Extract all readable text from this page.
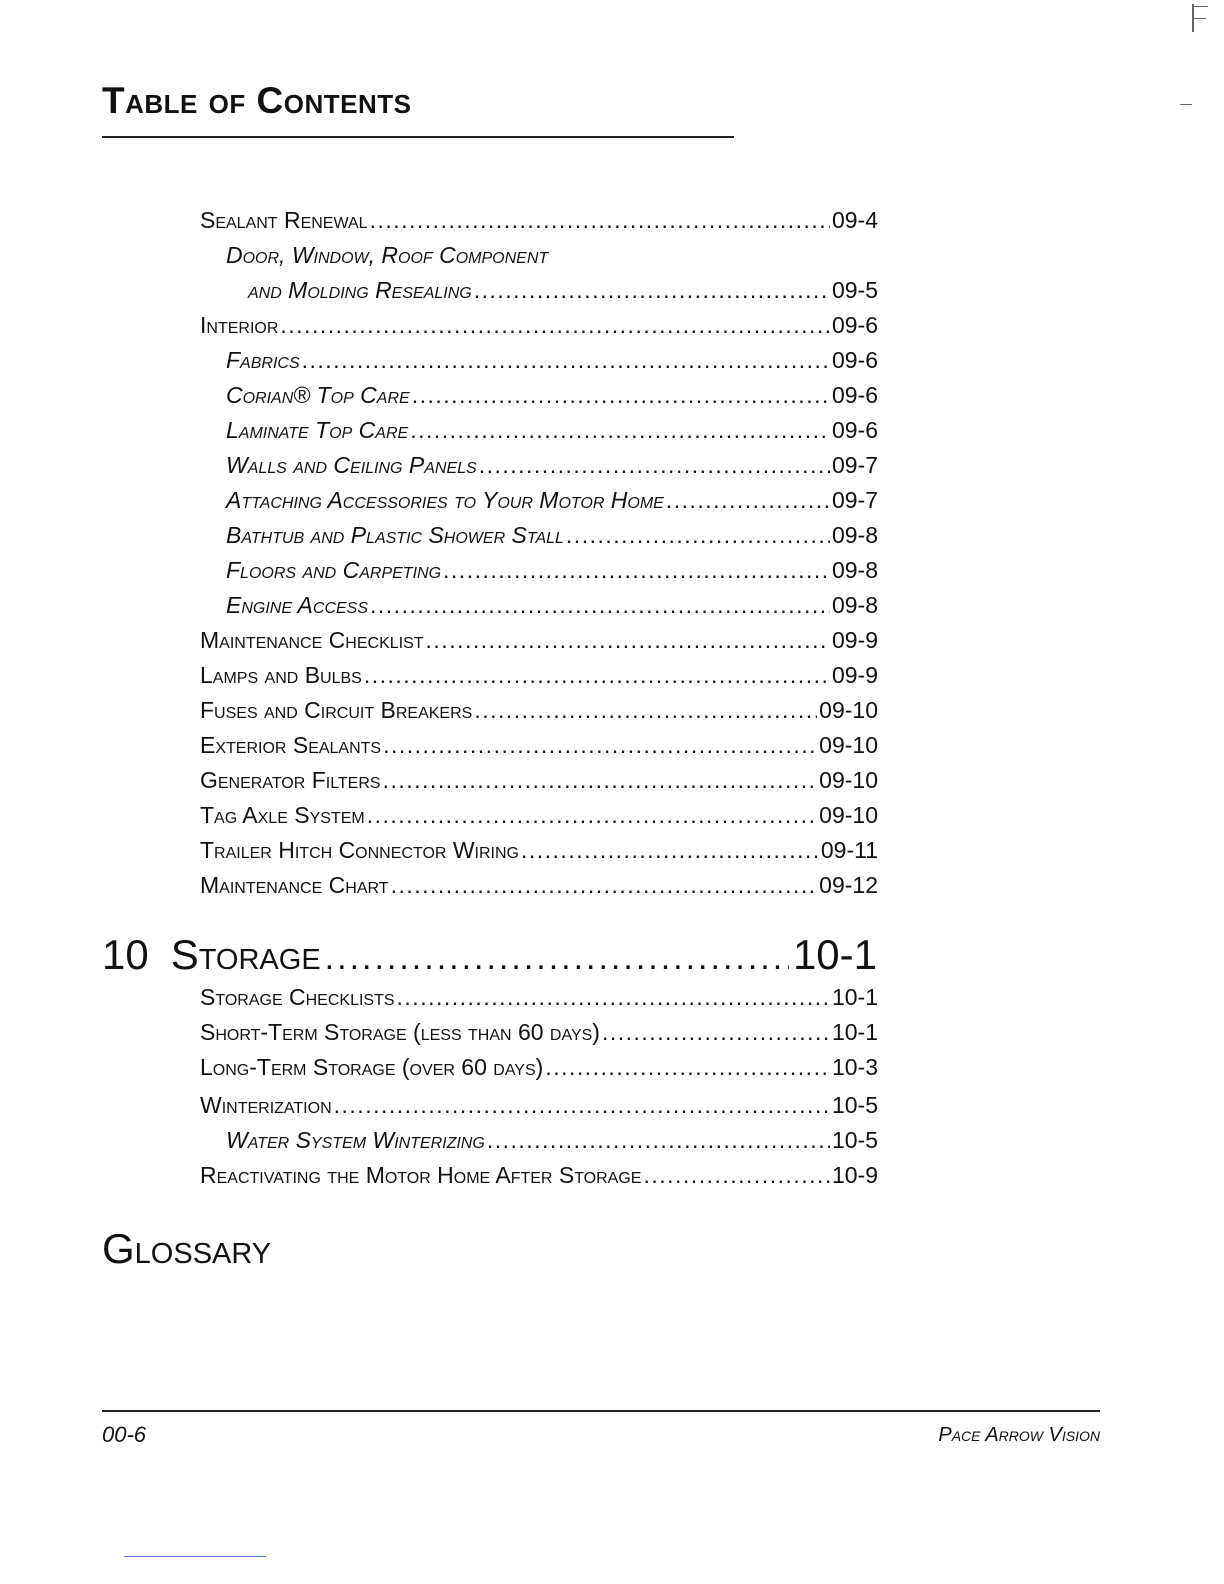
Table of Contents
Sealant Renewal .....	09-4
Door, Window, Roof Component
and Molding Resealing .....	09-5
Interior .....	09-6
Fabrics .....	09-6
Corian® Top Care .....	09-6
Laminate Top Care .....	09-6
Walls and Ceiling Panels .....	09-7
Attaching Accessories to Your Motor Home .....	09-7
Bathtub and Plastic Shower Stall .....	09-8
Floors and Carpeting .....	09-8
Engine Access .....	09-8
Maintenance Checklist .....	09-9
Lamps and Bulbs .....	09-9
Fuses and Circuit Breakers .....	09-10
Exterior Sealants .....	09-10
Generator Filters .....	09-10
Tag Axle System .....	09-10
Trailer Hitch Connector Wiring .....	09-11
Maintenance Chart .....	09-12
10 Storage .....	10-1
Storage Checklists .....	10-1
Short-Term Storage (less than 60 days) .....	10-1
Long-Term Storage (over 60 days) .....	10-3
Winterization .....	10-5
Water System Winterizing .....	10-5
Reactivating the Motor Home After Storage .....	10-9
Glossary
00-6	Pace Arrow Vision
